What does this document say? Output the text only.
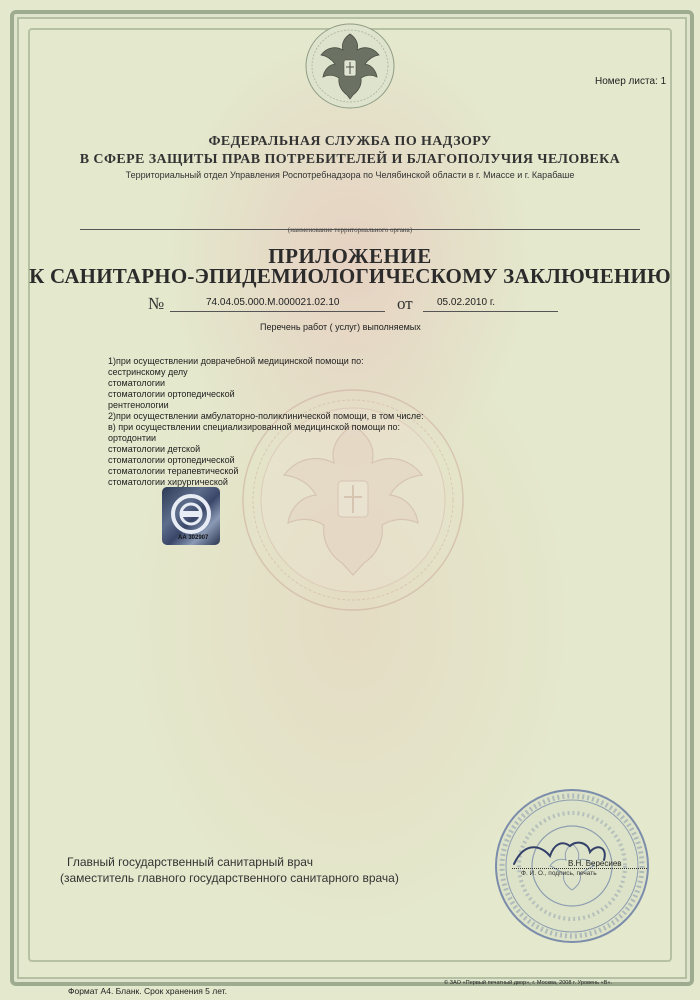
Номер листа: 1
ФЕДЕРАЛЬНАЯ СЛУЖБА ПО НАДЗОРУ
В СФЕРЕ ЗАЩИТЫ ПРАВ ПОТРЕБИТЕЛЕЙ И БЛАГОПОЛУЧИЯ ЧЕЛОВЕКА
Территориальный отдел Управления Роспотребнадзора по Челябинской области в г. Миассе и г. Карабаше
(наименование территориального органа)
ПРИЛОЖЕНИЕ
К САНИТАРНО-ЭПИДЕМИОЛОГИЧЕСКОМУ ЗАКЛЮЧЕНИЮ
№	74.04.05.000.М.000021.02.10	от 05.02.2010 г.
Перечень работ ( услуг) выполняемых
1)при осуществлении доврачебной медицинской помощи по:
сестринскому делу
стоматологии
стоматологии ортопедической
рентгенологии
2)при осуществлении амбулаторно-поликлинической помощи, в том числе:
в) при осуществлении специализированной медицинской помощи по:
ортодонтии
стоматологии детской
стоматологии ортопедической
стоматологии терапевтической
стоматологии хирургической
АА 302907
Главный государственный санитарный врач
(заместитель главного государственного санитарного врача)
В.Н. Бересиев
Ф. И. О., подпись, печать
Формат А4. Бланк. Срок хранения 5 лет.
© ЗАО «Первый печатный двор», г. Москва, 2008 г. Уровень «В».
